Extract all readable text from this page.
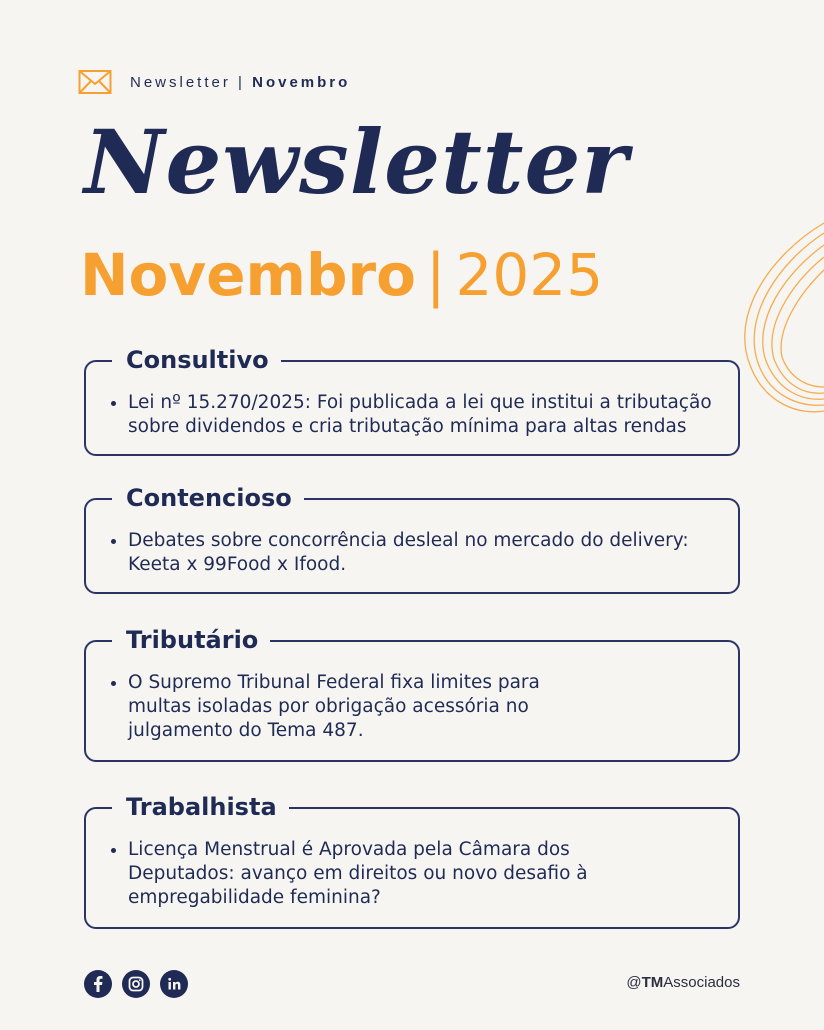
Newsletter | Novembro
Newsletter
Novembro | 2025
Consultivo
• Lei nº 15.270/2025: Foi publicada a lei que institui a tributação sobre dividendos e cria tributação mínima para altas rendas
Contencioso
• Debates sobre concorrência desleal no mercado do delivery: Keeta x 99Food x Ifood.
Tributário
• O Supremo Tribunal Federal fixa limites para multas isoladas por obrigação acessória no julgamento do Tema 487.
Trabalhista
• Licença Menstrual é Aprovada pela Câmara dos Deputados: avanço em direitos ou novo desafio à empregabilidade feminina?
@TMAssociados
